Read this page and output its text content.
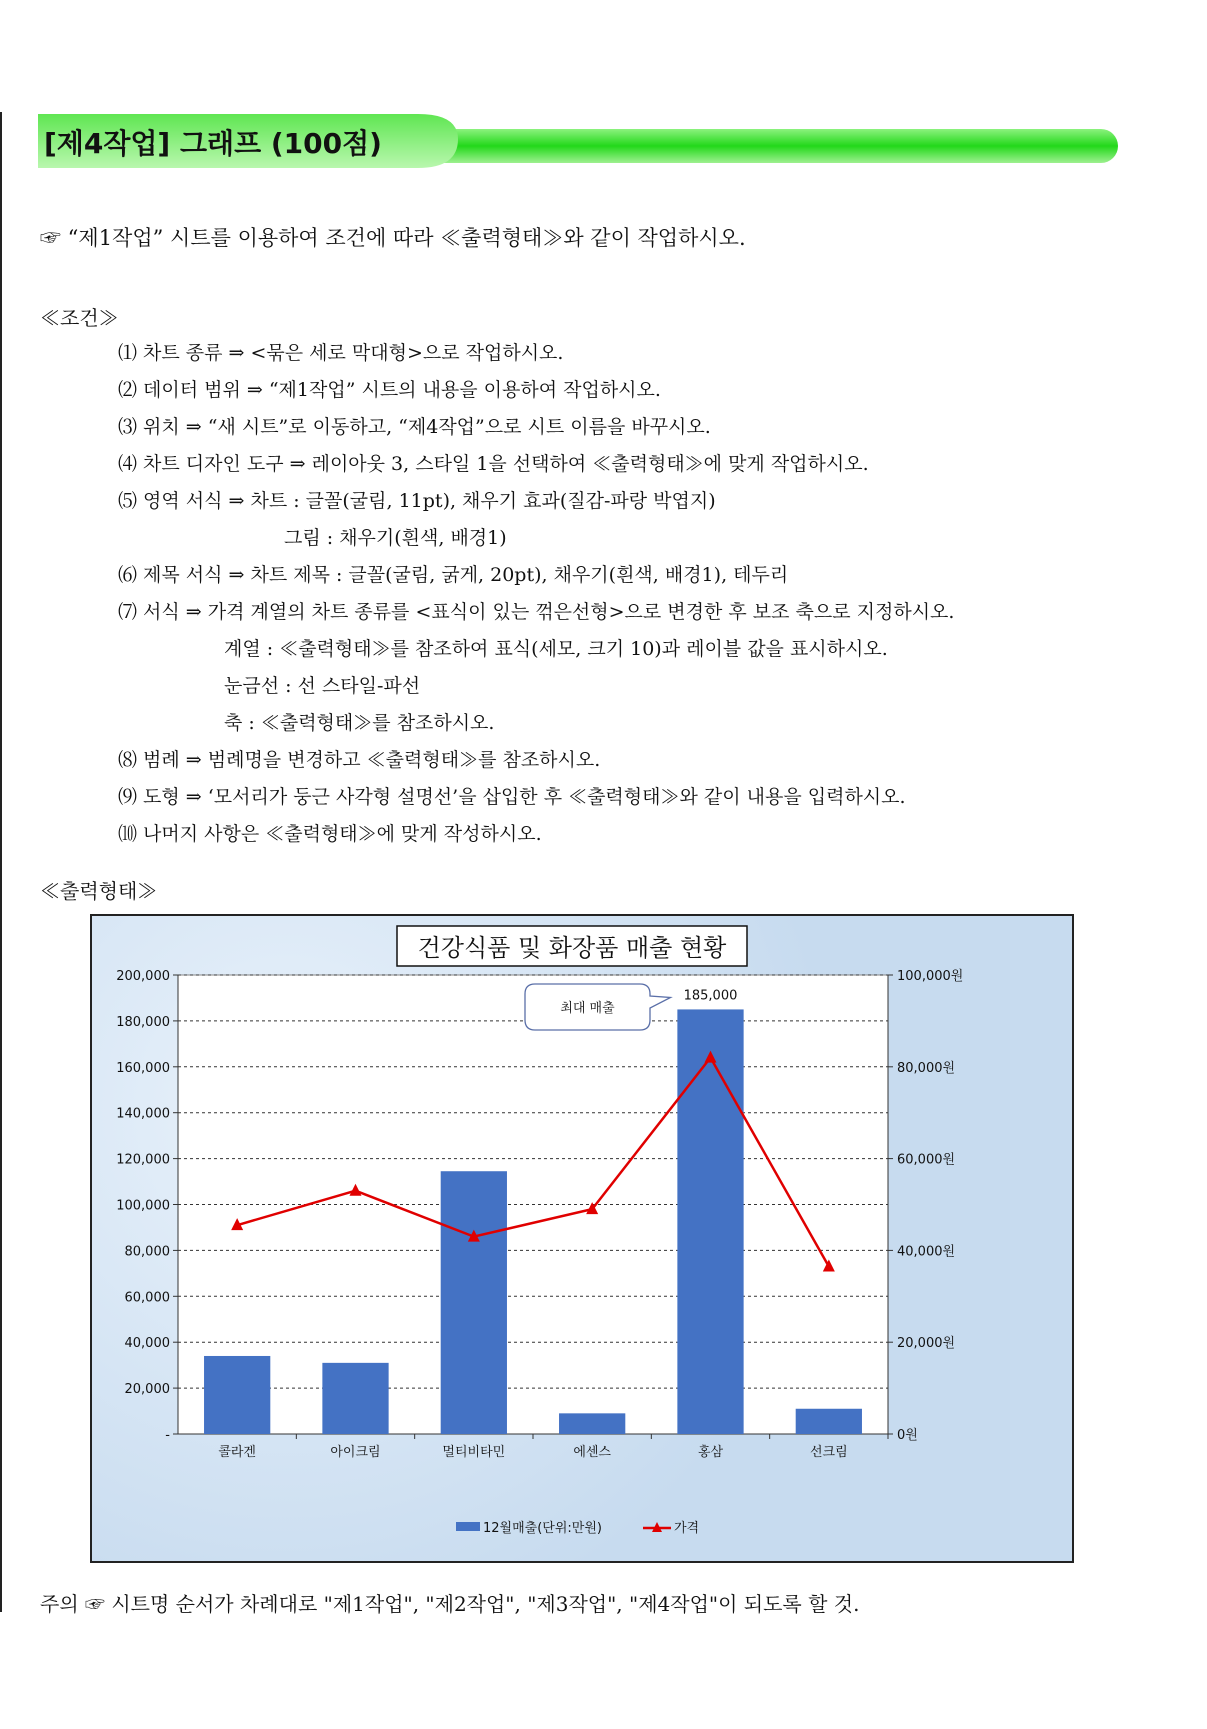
[제4작업] 그래프 (100점)
☞ “제1작업” 시트를 이용하여 조건에 따라 ≪출력형태≫와 같이 작업하시오.
≪조건≫
⑴ 차트 종류 ⇒ <묶은 세로 막대형>으로 작업하시오.
⑵ 데이터 범위 ⇒ “제1작업” 시트의 내용을 이용하여 작업하시오.
⑶ 위치 ⇒ “새 시트”로 이동하고, “제4작업”으로 시트 이름을 바꾸시오.
⑷ 차트 디자인 도구 ⇒ 레이아웃 3, 스타일 1을 선택하여 ≪출력형태≫에 맞게 작업하시오.
⑸ 영역 서식 ⇒ 차트 : 글꼴(굴림, 11pt), 채우기 효과(질감-파랑 박엽지)
그림 : 채우기(흰색, 배경1)
⑹ 제목 서식 ⇒ 차트 제목 : 글꼴(굴림, 굵게, 20pt), 채우기(흰색, 배경1), 테두리
⑺ 서식 ⇒ 가격 계열의 차트 종류를 <표식이 있는 꺾은선형>으로 변경한 후 보조 축으로 지정하시오.
계열 : ≪출력형태≫를 참조하여 표식(세모, 크기 10)과 레이블 값을 표시하시오.
눈금선 : 선 스타일-파선
축 : ≪출력형태≫를 참조하시오.
⑻ 범례 ⇒ 범례명을 변경하고 ≪출력형태≫를 참조하시오.
⑼ 도형 ⇒ ‘모서리가 둥근 사각형 설명선’을 삽입한 후 ≪출력형태≫와 같이 내용을 입력하시오.
⑽ 나머지 사항은 ≪출력형태≫에 맞게 작성하시오.
≪출력형태≫
200,000
180,000
160,000
140,000
120,000
100,000
80,000
60,000
40,000
20,000
-
100,000원
80,000원
60,000원
40,000원
20,000원
0원
콜라겐	아이크림	멀티비타민	에센스	홍삼	선크림
185,000
최대 매출
건강식품 및 화장품 매출 현황
12월매출(단위:만원)	가격
주의 ☞ 시트명 순서가 차례대로 "제1작업", "제2작업", "제3작업", "제4작업"이 되도록 할 것.
